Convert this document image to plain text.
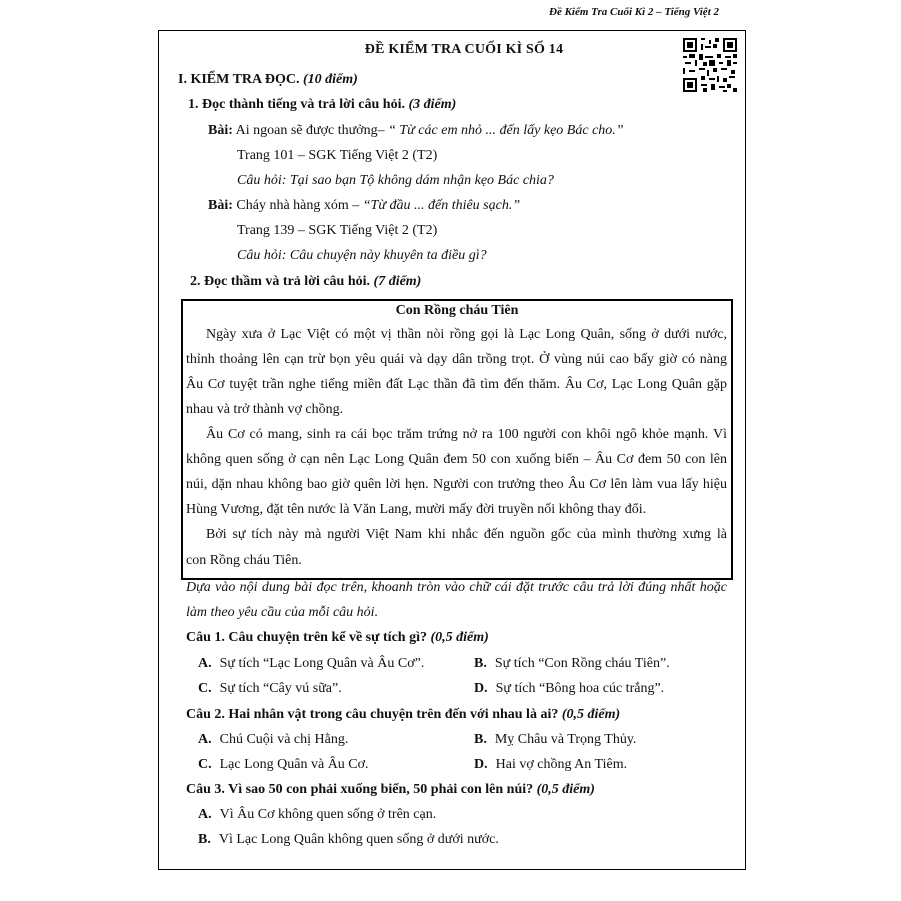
Đề Kiểm Tra Cuối Kì 2 – Tiếng Việt 2
ĐỀ KIỂM TRA CUỐI KÌ SỐ 14
I. KIỂM TRA ĐỌC. (10 điểm)
1. Đọc thành tiếng và trả lời câu hỏi. (3 điểm)
Bài: Ai ngoan sẽ được thưởng– “ Từ các em nhỏ ... đến lấy kẹo Bác cho.”
Trang 101 – SGK Tiếng Việt 2 (T2)
Câu hỏi: Tại sao bạn Tộ không dám nhận kẹo Bác chia?
Bài: Cháy nhà hàng xóm – “Từ đầu ... đến thiêu sạch.”
Trang 139 – SGK Tiếng Việt 2 (T2)
Câu hỏi: Câu chuyện này khuyên ta điều gì?
2. Đọc thầm và trả lời câu hỏi. (7 điểm)
Con Rồng cháu Tiên
Ngày xưa ở Lạc Việt có một vị thần nòi rồng gọi là Lạc Long Quân, sống ở dưới nước,
thỉnh thoảng lên cạn trừ bọn yêu quái và dạy dân trồng trọt. Ở vùng núi cao bấy giờ có nàng
Âu Cơ tuyệt trần nghe tiếng miền đất Lạc thần đã tìm đến thăm. Âu Cơ, Lạc Long Quân gặp
nhau và trở thành vợ chồng.
Âu Cơ có mang, sinh ra cái bọc trăm trứng nở ra 100 người con khôi ngô khỏe mạnh. Vì
không quen sống ở cạn nên Lạc Long Quân đem 50 con xuống biển – Âu Cơ đem 50 con lên
núi, dặn nhau không bao giờ quên lời hẹn. Người con trưởng theo Âu Cơ lên làm vua lấy hiệu
Hùng Vương, đặt tên nước là Văn Lang, mười mấy đời truyền nối không thay đổi.
Bởi sự tích này mà người Việt Nam khi nhắc đến nguồn gốc của mình thường xưng là
con Rồng cháu Tiên.
Dựa vào nội dung bài đọc trên, khoanh tròn vào chữ cái đặt trước câu trả lời đúng nhất hoặc
làm theo yêu cầu của mỗi câu hỏi.
Câu 1. Câu chuyện trên kể về sự tích gì? (0,5 điểm)
A. Sự tích “Lạc Long Quân và Âu Cơ”.	B. Sự tích “Con Rồng cháu Tiên”.
C. Sự tích “Cây vú sữa”.	D. Sự tích “Bông hoa cúc trắng”.
Câu 2. Hai nhân vật trong câu chuyện trên đến với nhau là ai? (0,5 điểm)
A. Chú Cuội và chị Hằng.	B. Mỵ Châu và Trọng Thủy.
C. Lạc Long Quân và Âu Cơ.	D. Hai vợ chồng An Tiêm.
Câu 3. Vì sao 50 con phải xuống biển, 50 phải con lên núi? (0,5 điểm)
A. Vì Âu Cơ không quen sống ở trên cạn.
B. Vì Lạc Long Quân không quen sống ở dưới nước.
